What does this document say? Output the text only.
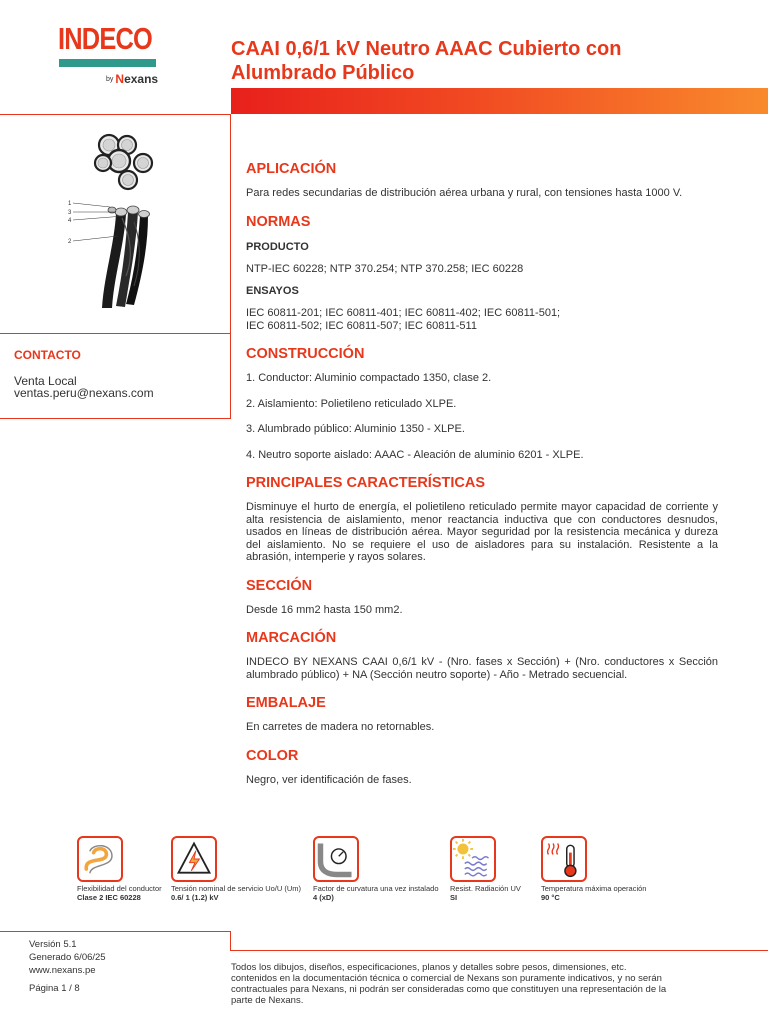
INDECO
by Nexans
CAAI 0,6/1 kV Neutro AAAC Cubierto con
Alumbrado Público
1
3
4
2
CONTACTO
Venta Local
ventas.peru@nexans.com
APLICACIÓN
Para redes secundarias de distribución aérea urbana y rural, con tensiones hasta 1000 V.
NORMAS
PRODUCTO
NTP-IEC 60228; NTP 370.254; NTP 370.258; IEC 60228
ENSAYOS
IEC 60811-201; IEC 60811-401; IEC 60811-402; IEC 60811-501;
IEC 60811-502; IEC 60811-507; IEC 60811-511
CONSTRUCCIÓN
1. Conductor: Aluminio compactado 1350, clase 2.
2. Aislamiento: Polietileno reticulado XLPE.
3. Alumbrado público: Aluminio 1350 - XLPE.
4. Neutro soporte aislado: AAAC - Aleación de aluminio 6201 - XLPE.
PRINCIPALES CARACTERÍSTICAS
Disminuye el hurto de energía, el polietileno reticulado permite mayor capacidad de corriente y alta resistencia de aislamiento, menor reactancia inductiva que con conductores desnudos, usados en líneas de distribución aérea. Mayor seguridad por la resistencia mecánica y dureza del aislamiento. No se requiere el uso de aisladores para su instalación. Resistente a la abrasión, intemperie y rayos solares.
SECCIÓN
Desde 16 mm2 hasta 150 mm2.
MARCACIÓN
INDECO BY NEXANS CAAI 0,6/1 kV - (Nro. fases x Sección) + (Nro. conductores x Sección alumbrado público) + NA (Sección neutro soporte) - Año - Metrado secuencial.
EMBALAJE
En carretes de madera no retornables.
COLOR
Negro, ver identificación de fases.
Flexibilidad del conductor
Clase 2 IEC 60228
Tensión nominal de servicio Uo/U (Um)
0.6/ 1 (1.2) kV
Factor de curvatura una vez instalado
4 (xD)
Resist. Radiación UV
SI
Temperatura máxima operación
90 °C
Versión 5.1
Generado 6/06/25
www.nexans.pe
Página 1 / 8
Todos los dibujos, diseños, especificaciones, planos y detalles sobre pesos, dimensiones, etc. contenidos en la documentación técnica o comercial de Nexans son puramente indicativos, y no serán contractuales para Nexans, ni podrán ser consideradas como que constituyen una representación de la parte de Nexans.
